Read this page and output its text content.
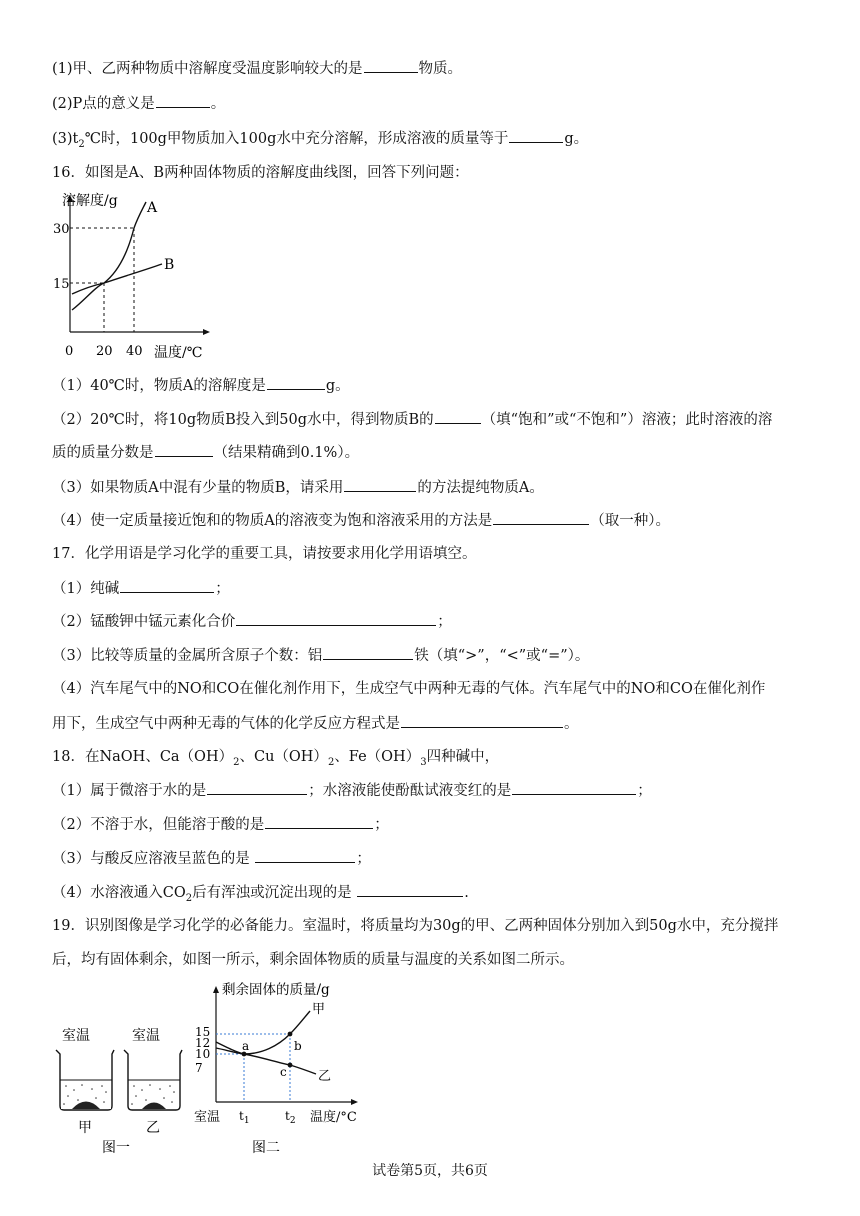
(1)甲、乙两种物质中溶解度受温度影响较大的是	物质。
(2)P点的意义是	。
$(3)t_2℃$时，100g甲物质加入100g水中充分溶解，形成溶液的质量等于	g。
16．如图是A、B两种固体物质的溶解度曲线图，回答下列问题：
溶解度/g A
B
30
15
0 20 40 温度/℃
（1）40℃时，物质A的溶解度是	g。
（2）20℃时，将10g物质B投入到50g水中，得到物质B的	（填“饱和”或“不饱和”）溶液；此时溶液的溶
质的质量分数是	（结果精确到0.1%）。
（3）如果物质A中混有少量的物质B，请采用	的方法提纯物质A。
（4）使一定质量接近饱和的物质A的溶液变为饱和溶液采用的方法是	（取一种）。
17．化学用语是学习化学的重要工具，请按要求用化学用语填空。
（1）纯碱	；
（2）锰酸钾中锰元素化合价	；
（3）比较等质量的金属所含原子个数：铝	铁（填“>”，“<”或“=”）。
（4）汽车尾气中的NO和CO在催化剂作用下，生成空气中两种无毒的气体。汽车尾气中的NO和CO在催化剂作
用下，生成空气中两种无毒的气体的化学反应方程式是	。
18．在NaOH、$Ca(OH)_2$、$Cu(OH)_2$、$Fe(OH)_3$四种碱中，
（1）属于微溶于水的是	；水溶液能使酚酞试液变红的是	；
（2）不溶于水，但能溶于酸的是	；
（3）与酸反应溶液呈蓝色的是	；
（4）水溶液通入$CO_2$后有浑浊或沉淀出现的是	.
19．识别图像是学习化学的必备能力。室温时，将质量均为30g的甲、乙两种固体分别加入到50g水中，充分搅拌
后，均有固体剩余，如图一所示，剩余固体物质的质量与温度的关系如图二所示。
室温	室温
甲	乙
图一
a	b
c
甲
乙
剩余固体的质量/g
15
12
10
7
室温 $t_1$	$t_2$ 温度/°C
图二
试卷第5页，共6页
